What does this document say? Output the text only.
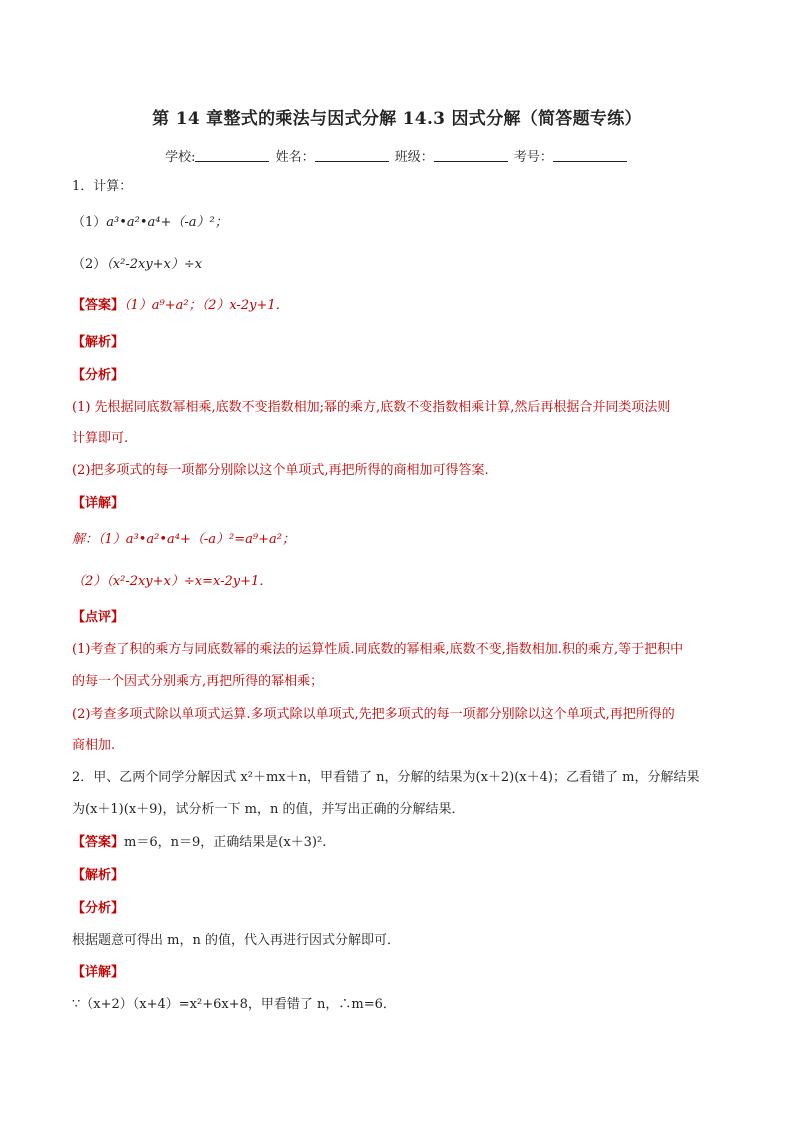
第 14 章整式的乘法与因式分解 14.3 因式分解（简答题专练）
学校:	姓名：	班级：	考号：
1．计算：
（1）a³•a²•a⁴+（-a）²；
（2）（x²-2xy+x）÷x
【答案】（1）a⁹+a²；（2）x-2y+1．
【解析】
【分析】
(1) 先根据同底数幂相乘,底数不变指数相加;幂的乘方,底数不变指数相乘计算,然后再根据合并同类项法则
计算即可.
(2)把多项式的每一项都分别除以这个单项式,再把所得的商相加可得答案.
【详解】
解：（1）a³•a²•a⁴+（-a）²=a⁹+a²；
（2）（x²-2xy+x）÷x=x-2y+1．
【点评】
(1)考查了积的乘方与同底数幂的乘法的运算性质.同底数的幂相乘,底数不变,指数相加.积的乘方,等于把积中
的每一个因式分别乘方,再把所得的幂相乘；
(2)考查多项式除以单项式运算.多项式除以单项式,先把多项式的每一项都分别除以这个单项式,再把所得的
商相加.
2．甲、乙两个同学分解因式 x²＋mx＋n，甲看错了 n，分解的结果为(x＋2)(x＋4)；乙看错了 m，分解结果
为(x＋1)(x＋9)，试分析一下 m，n 的值，并写出正确的分解结果．
【答案】m＝6，n＝9，正确结果是(x＋3)².
【解析】
【分析】
根据题意可得出 m，n 的值，代入再进行因式分解即可．
【详解】
∵（x+2）（x+4）=x²+6x+8，甲看错了 n，∴m=6．
